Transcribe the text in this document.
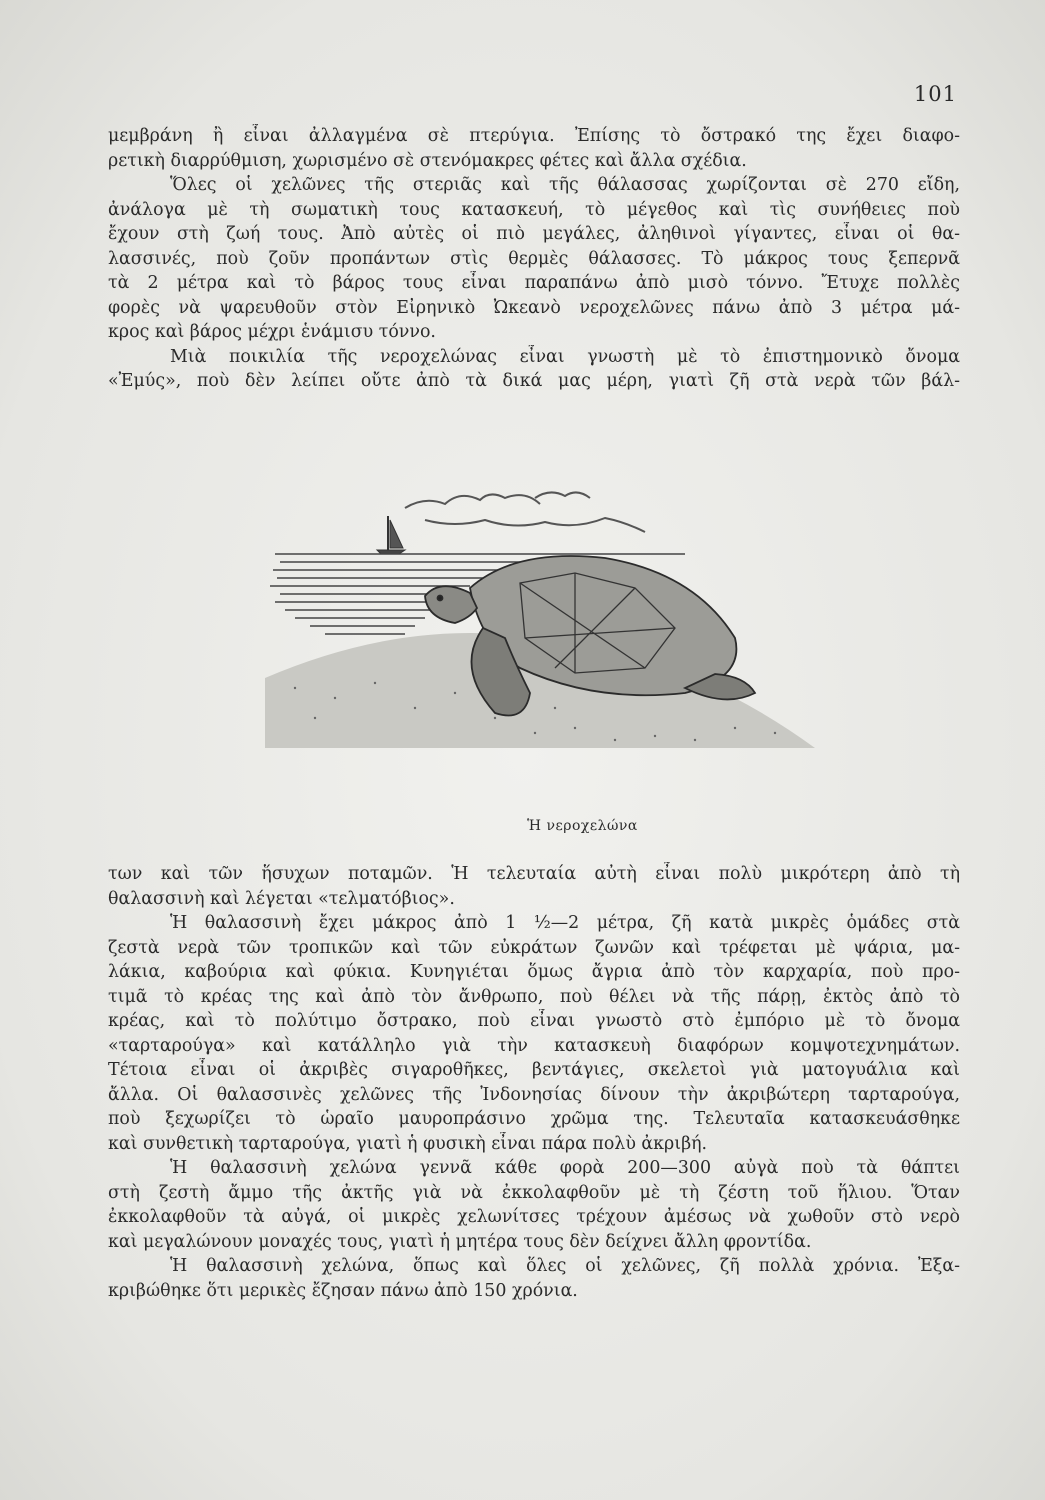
101
μεμβράνη ἢ εἶναι ἀλλαγμένα σὲ πτερύγια. Ἐπίσης τὸ ὄστρακό της ἔχει διαφο-
ρετικὴ διαρρύθμιση, χωρισμένο σὲ στενόμακρες φέτες καὶ ἄλλα σχέδια.
Ὅλες οἱ χελῶνες τῆς στεριᾶς καὶ τῆς θάλασσας χωρίζονται σὲ 270 εἴδη,
ἀνάλογα μὲ τὴ σωματικὴ τους κατασκευή, τὸ μέγεθος καὶ τὶς συνήθειες ποὺ
ἔχουν στὴ ζωή τους. Ἀπὸ αὐτὲς οἱ πιὸ μεγάλες, ἀληθινοὶ γίγαντες, εἶναι οἱ θα-
λασσινές, ποὺ ζοῦν προπάντων στὶς θερμὲς θάλασσες. Τὸ μάκρος τους ξεπερνᾶ
τὰ 2 μέτρα καὶ τὸ βάρος τους εἶναι παραπάνω ἀπὸ μισὸ τόννο. Ἔτυχε πολλὲς
φορὲς νὰ ψαρευθοῦν στὸν Εἰρηνικὸ Ὠκεανὸ νεροχελῶνες πάνω ἀπὸ 3 μέτρα μά-
κρος καὶ βάρος μέχρι ἑνάμισυ τόννο.
Μιὰ ποικιλία τῆς νεροχελώνας εἶναι γνωστὴ μὲ τὸ ἐπιστημονικὸ ὄνομα
«Ἐμύς», ποὺ δὲν λείπει οὔτε ἀπὸ τὰ δικά μας μέρη, γιατὶ ζῆ στὰ νερὰ τῶν βάλ-
Ἡ νεροχελώνα
των καὶ τῶν ἥσυχων ποταμῶν. Ἡ τελευταία αὐτὴ εἶναι πολὺ μικρότερη ἀπὸ τὴ
θαλασσινὴ καὶ λέγεται «τελματόβιος».
Ἡ θαλασσινὴ ἔχει μάκρος ἀπὸ 1 ½—2 μέτρα, ζῆ κατὰ μικρὲς ὁμάδες στὰ
ζεστὰ νερὰ τῶν τροπικῶν καὶ τῶν εὐκράτων ζωνῶν καὶ τρέφεται μὲ ψάρια, μα-
λάκια, καβούρια καὶ φύκια. Κυνηγιέται ὅμως ἄγρια ἀπὸ τὸν καρχαρία, ποὺ προ-
τιμᾶ τὸ κρέας της καὶ ἀπὸ τὸν ἄνθρωπο, ποὺ θέλει νὰ τῆς πάρῃ, ἐκτὸς ἀπὸ τὸ
κρέας, καὶ τὸ πολύτιμο ὄστρακο, ποὺ εἶναι γνωστὸ στὸ ἐμπόριο μὲ τὸ ὄνομα
«ταρταρούγα» καὶ κατάλληλο γιὰ τὴν κατασκευὴ διαφόρων κομψοτεχνημάτων.
Τέτοια εἶναι οἱ ἀκριβὲς σιγαροθῆκες, βεντάγιες, σκελετοὶ γιὰ ματογυάλια καὶ
ἄλλα. Οἱ θαλασσινὲς χελῶνες τῆς Ἰνδονησίας δίνουν τὴν ἀκριβώτερη ταρταρούγα,
ποὺ ξεχωρίζει τὸ ὡραῖο μαυροπράσινο χρῶμα της. Τελευταῖα κατασκευάσθηκε
καὶ συνθετικὴ ταρταρούγα, γιατὶ ἡ φυσικὴ εἶναι πάρα πολὺ ἀκριβή.
Ἡ θαλασσινὴ χελώνα γεννᾶ κάθε φορὰ 200—300 αὐγὰ ποὺ τὰ θάπτει
στὴ ζεστὴ ἄμμο τῆς ἀκτῆς γιὰ νὰ ἐκκολαφθοῦν μὲ τὴ ζέστη τοῦ ἥλιου. Ὅταν
ἐκκολαφθοῦν τὰ αὐγά, οἱ μικρὲς χελωνίτσες τρέχουν ἀμέσως νὰ χωθοῦν στὸ νερὸ
καὶ μεγαλώνουν μοναχές τους, γιατὶ ἡ μητέρα τους δὲν δείχνει ἄλλη φροντίδα.
Ἡ θαλασσινὴ χελώνα, ὅπως καὶ ὅλες οἱ χελῶνες, ζῆ πολλὰ χρόνια. Ἐξα-
κριβώθηκε ὅτι μερικὲς ἔζησαν πάνω ἀπὸ 150 χρόνια.
